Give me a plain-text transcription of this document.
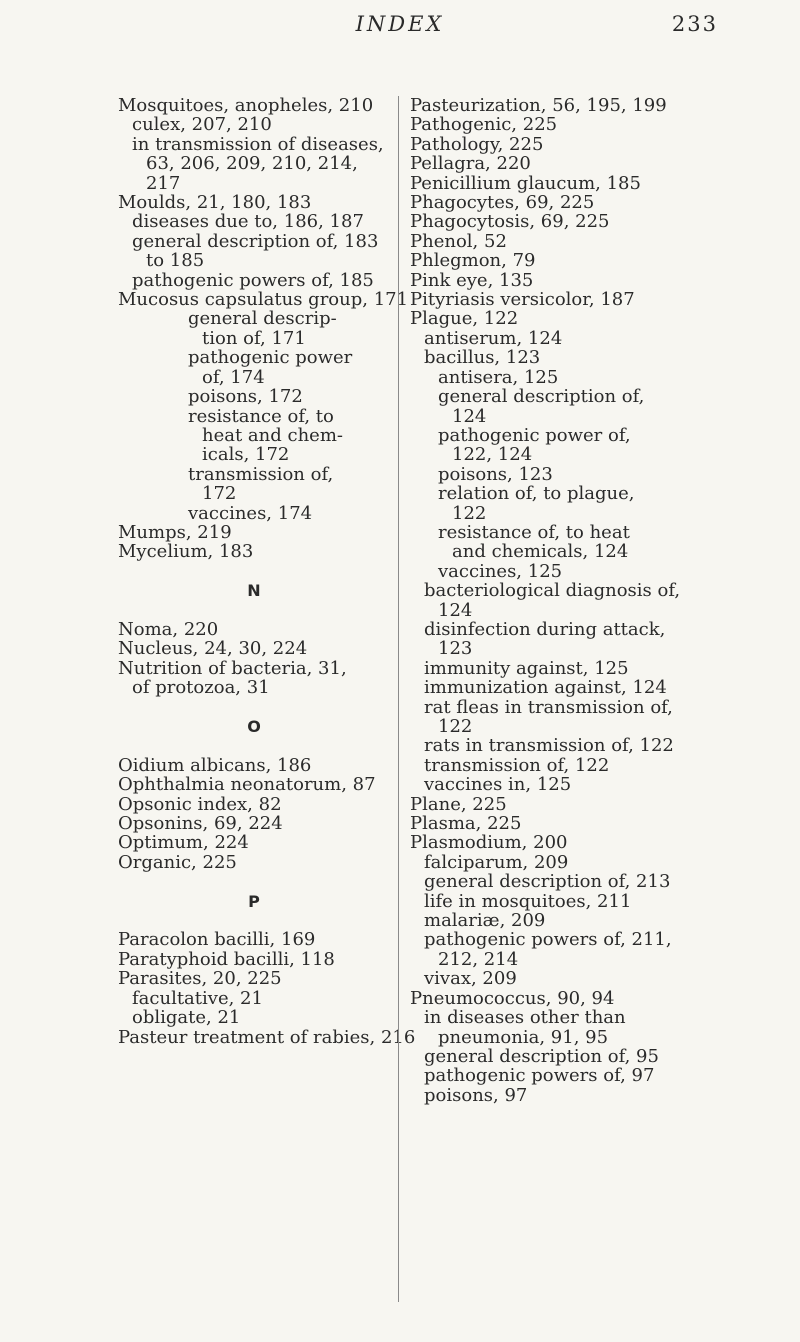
INDEX	233
Mosquitoes, anopheles, 210
culex, 207, 210
in transmission of diseases,
63, 206, 209, 210, 214,
217
Moulds, 21, 180, 183
diseases due to, 186, 187
general description of, 183
to 185
pathogenic powers of, 185
Mucosus capsulatus group, 171
general descrip-
tion of, 171
pathogenic power
of, 174
poisons, 172
resistance of, to
heat and chem-
icals, 172
transmission of,
172
vaccines, 174
Mumps, 219
Mycelium, 183

N

Noma, 220
Nucleus, 24, 30, 224
Nutrition of bacteria, 31,
of protozoa, 31

O

Oidium albicans, 186
Ophthalmia neonatorum, 87
Opsonic index, 82
Opsonins, 69, 224
Optimum, 224
Organic, 225

P

Paracolon bacilli, 169
Paratyphoid bacilli, 118
Parasites, 20, 225
facultative, 21
obligate, 21
Pasteur treatment of rabies, 216
Pasteurization, 56, 195, 199
Pathogenic, 225
Pathology, 225
Pellagra, 220
Penicillium glaucum, 185
Phagocytes, 69, 225
Phagocytosis, 69, 225
Phenol, 52
Phlegmon, 79
Pink eye, 135
Pityriasis versicolor, 187
Plague, 122
antiserum, 124
bacillus, 123
antisera, 125
general description of,
124
pathogenic power of,
122, 124
poisons, 123
relation of, to plague,
122
resistance of, to heat
and chemicals, 124
vaccines, 125
bacteriological diagnosis of,
124
disinfection during attack,
123
immunity against, 125
immunization against, 124
rat fleas in transmission of,
122
rats in transmission of, 122
transmission of, 122
vaccines in, 125
Plane, 225
Plasma, 225
Plasmodium, 200
falciparum, 209
general description of, 213
life in mosquitoes, 211
malariæ, 209
pathogenic powers of, 211,
212, 214
vivax, 209
Pneumococcus, 90, 94
in diseases other than
pneumonia, 91, 95
general description of, 95
pathogenic powers of, 97
poisons, 97
